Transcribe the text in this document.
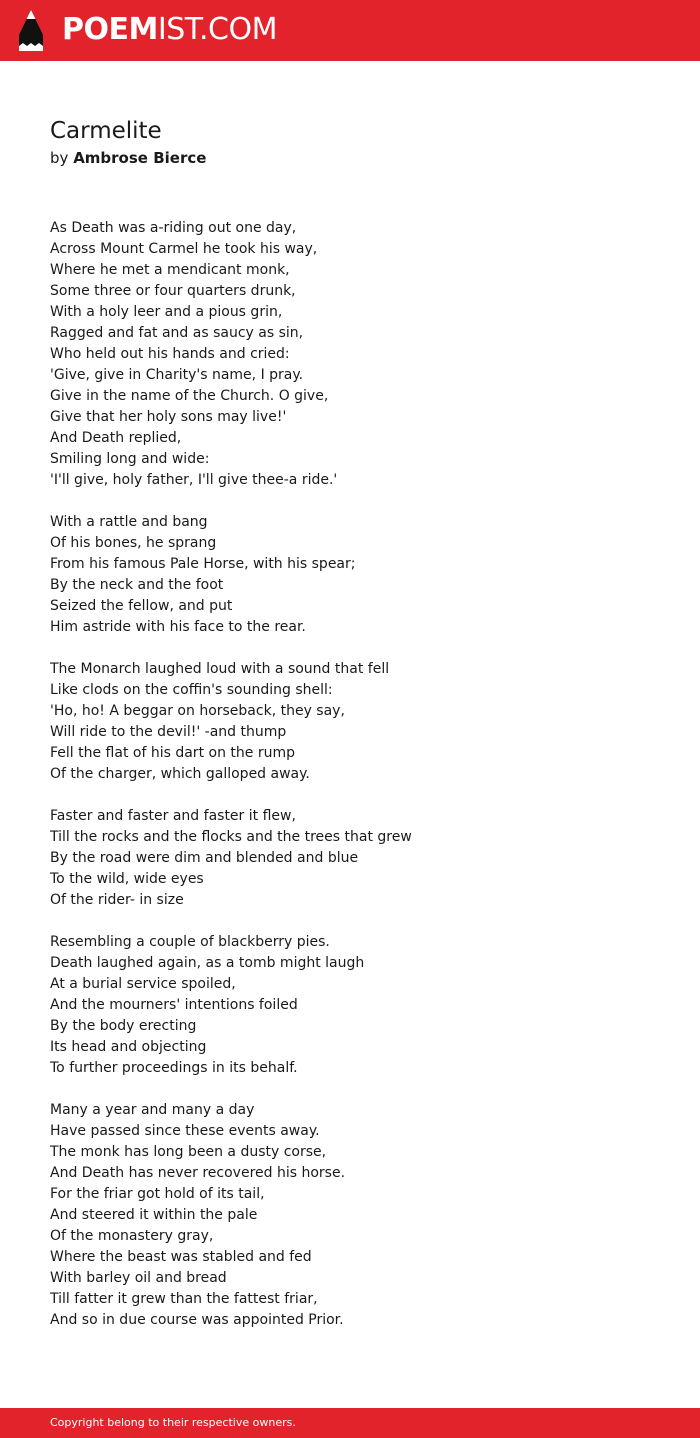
POEMIST.COM
Carmelite
by Ambrose Bierce
As Death was a-riding out one day,
Across Mount Carmel he took his way,
Where he met a mendicant monk,
Some three or four quarters drunk,
With a holy leer and a pious grin,
Ragged and fat and as saucy as sin,
Who held out his hands and cried:
'Give, give in Charity's name, I pray.
Give in the name of the Church. O give,
Give that her holy sons may live!'
And Death replied,
Smiling long and wide:
'I'll give, holy father, I'll give thee-a ride.'
With a rattle and bang
Of his bones, he sprang
From his famous Pale Horse, with his spear;
By the neck and the foot
Seized the fellow, and put
Him astride with his face to the rear.
The Monarch laughed loud with a sound that fell
Like clods on the coffin's sounding shell:
'Ho, ho! A beggar on horseback, they say,
Will ride to the devil!' -and thump
Fell the flat of his dart on the rump
Of the charger, which galloped away.
Faster and faster and faster it flew,
Till the rocks and the flocks and the trees that grew
By the road were dim and blended and blue
To the wild, wide eyes
Of the rider- in size
Resembling a couple of blackberry pies.
Death laughed again, as a tomb might laugh
At a burial service spoiled,
And the mourners' intentions foiled
By the body erecting
Its head and objecting
To further proceedings in its behalf.
Many a year and many a day
Have passed since these events away.
The monk has long been a dusty corse,
And Death has never recovered his horse.
For the friar got hold of its tail,
And steered it within the pale
Of the monastery gray,
Where the beast was stabled and fed
With barley oil and bread
Till fatter it grew than the fattest friar,
And so in due course was appointed Prior.
Copyright belong to their respective owners.
